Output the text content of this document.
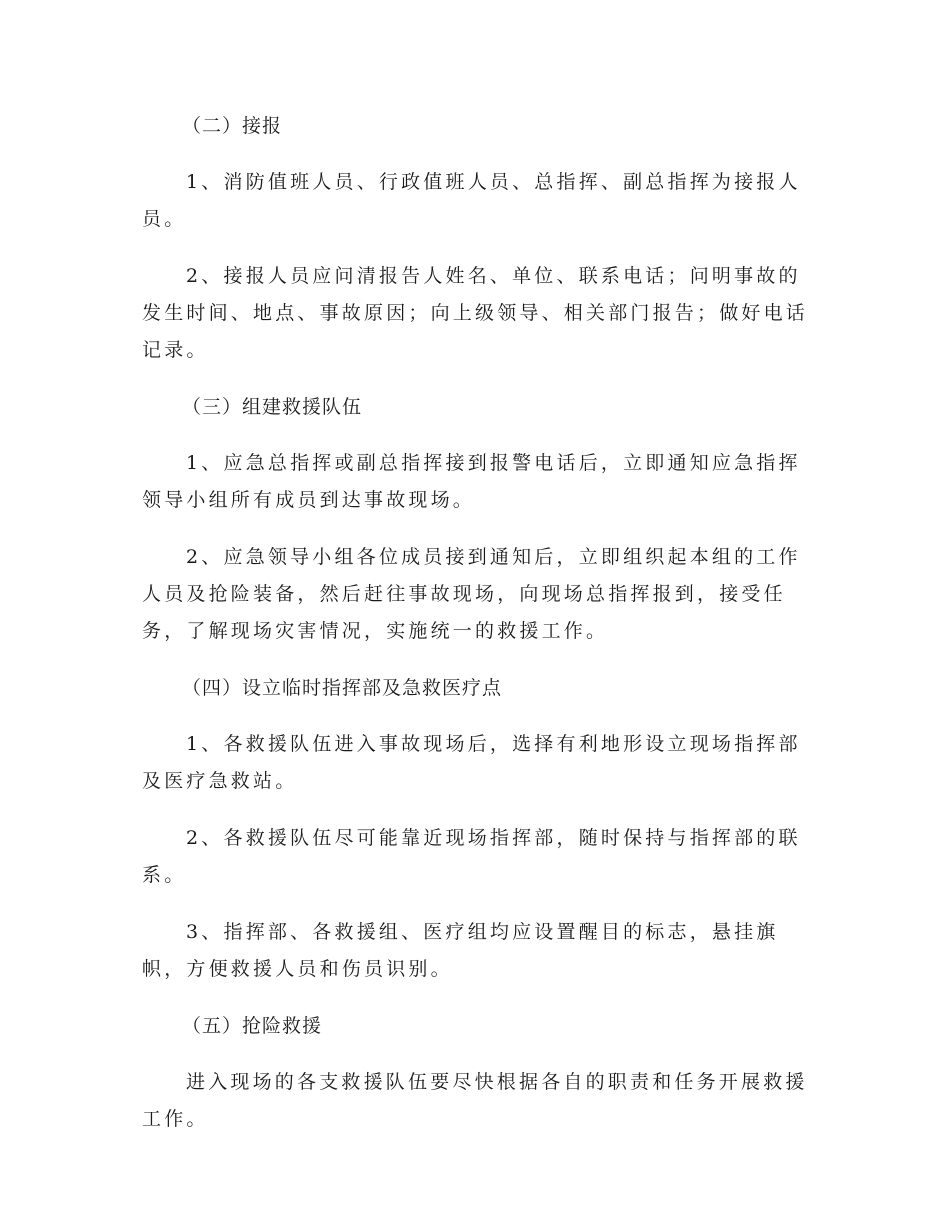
（二）接报

1、消防值班人员、行政值班人员、总指挥、副总指挥为接报人员。

2、接报人员应问清报告人姓名、单位、联系电话；问明事故的发生时间、地点、事故原因；向上级领导、相关部门报告；做好电话记录。

（三）组建救援队伍

1、应急总指挥或副总指挥接到报警电话后，立即通知应急指挥领导小组所有成员到达事故现场。

2、应急领导小组各位成员接到通知后，立即组织起本组的工作人员及抢险装备，然后赶往事故现场，向现场总指挥报到，接受任务，了解现场灾害情况，实施统一的救援工作。

（四）设立临时指挥部及急救医疗点

1、各救援队伍进入事故现场后，选择有利地形设立现场指挥部及医疗急救站。

2、各救援队伍尽可能靠近现场指挥部，随时保持与指挥部的联系。

3、指挥部、各救援组、医疗组均应设置醒目的标志，悬挂旗帜，方便救援人员和伤员识别。

（五）抢险救援

进入现场的各支救援队伍要尽快根据各自的职责和任务开展救援工作。
